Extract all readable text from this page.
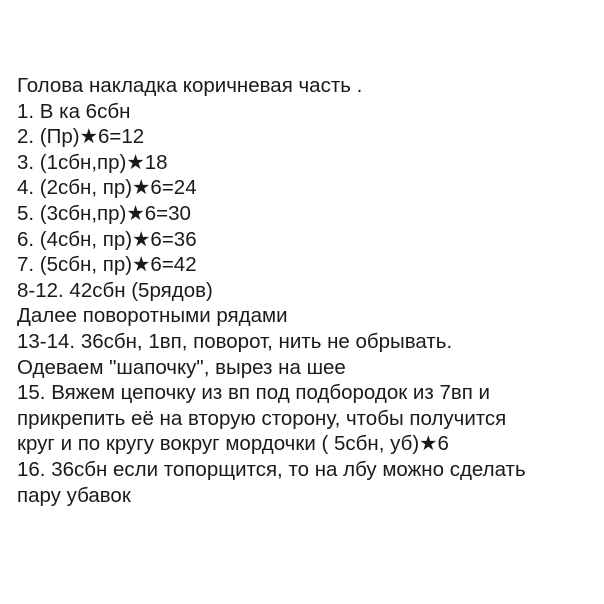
Голова накладка коричневая часть .
1. В ка 6сбн
2. (Пр)★6=12
3. (1сбн,пр)★18
4. (2сбн, пр)★6=24
5. (3сбн,пр)★6=30
6. (4сбн, пр)★6=36
7. (5сбн, пр)★6=42
8-12. 42сбн (5рядов)
Далее поворотными рядами
13-14. 36сбн, 1вп, поворот, нить не обрывать.
Одеваем "шапочку", вырез на шее
15. Вяжем цепочку из вп под подбородок из 7вп и
прикрепить её на вторую сторону, чтобы получится
круг и по кругу вокруг мордочки ( 5сбн, уб)★6
16. 36сбн если топорщится, то на лбу можно сделать
пару убавок
